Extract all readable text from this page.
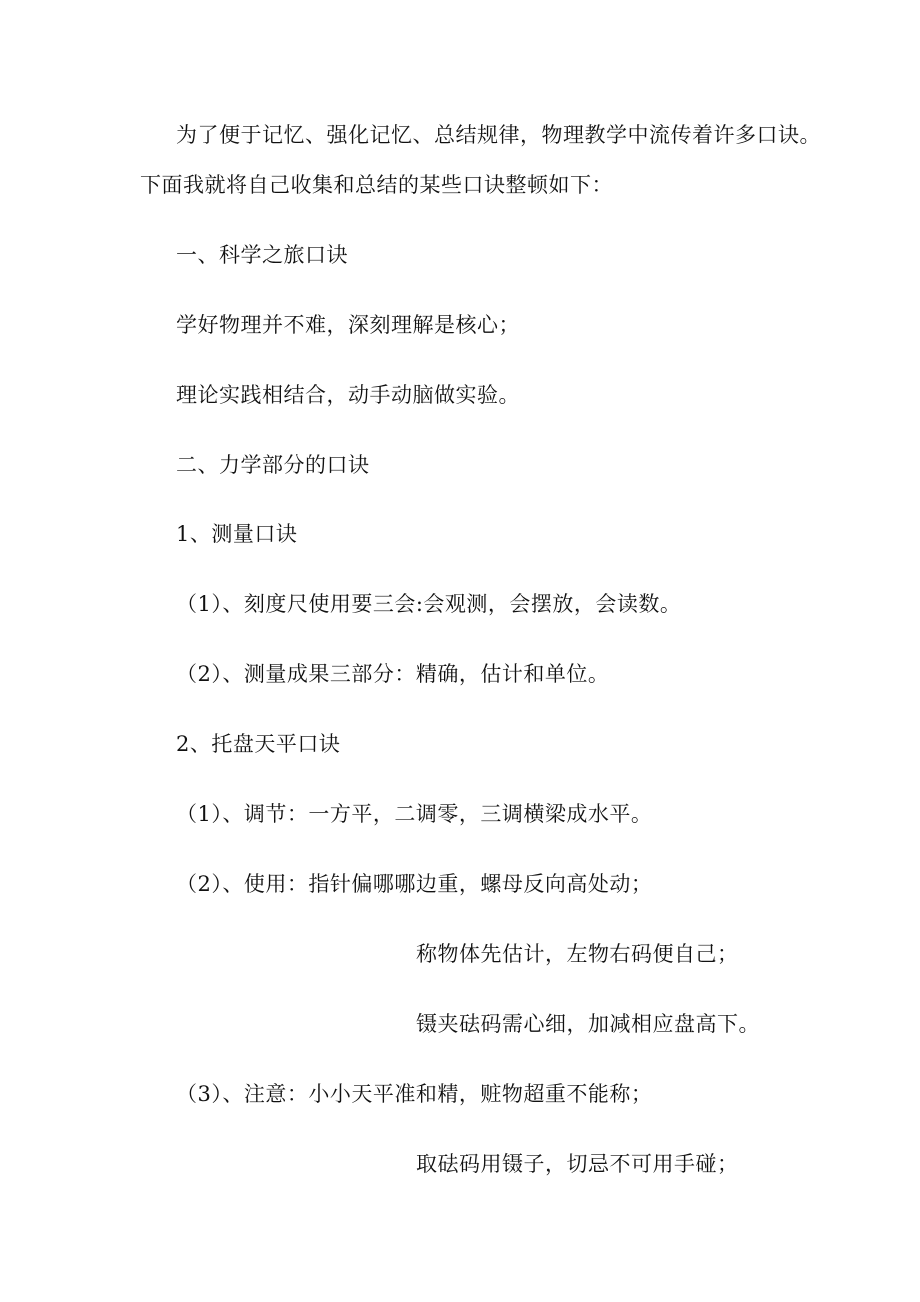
为了便于记忆、强化记忆、总结规律，物理教学中流传着许多口诀。
下面我就将自己收集和总结的某些口诀整顿如下：
一、科学之旅口诀
学好物理并不难，深刻理解是核心；
理论实践相结合，动手动脑做实验。
二、力学部分的口诀
1、测量口诀
（1）、刻度尺使用要三会:会观测，会摆放，会读数。
（2）、测量成果三部分：精确，估计和单位。
2、托盘天平口诀
（1）、调节：一方平，二调零，三调横梁成水平。
（2）、使用：指针偏哪哪边重，螺母反向高处动；
称物体先估计，左物右码便自己；
镊夹砝码需心细，加减相应盘高下。
（3）、注意：小小天平准和精，赃物超重不能称；
取砝码用镊子，切忌不可用手碰；
